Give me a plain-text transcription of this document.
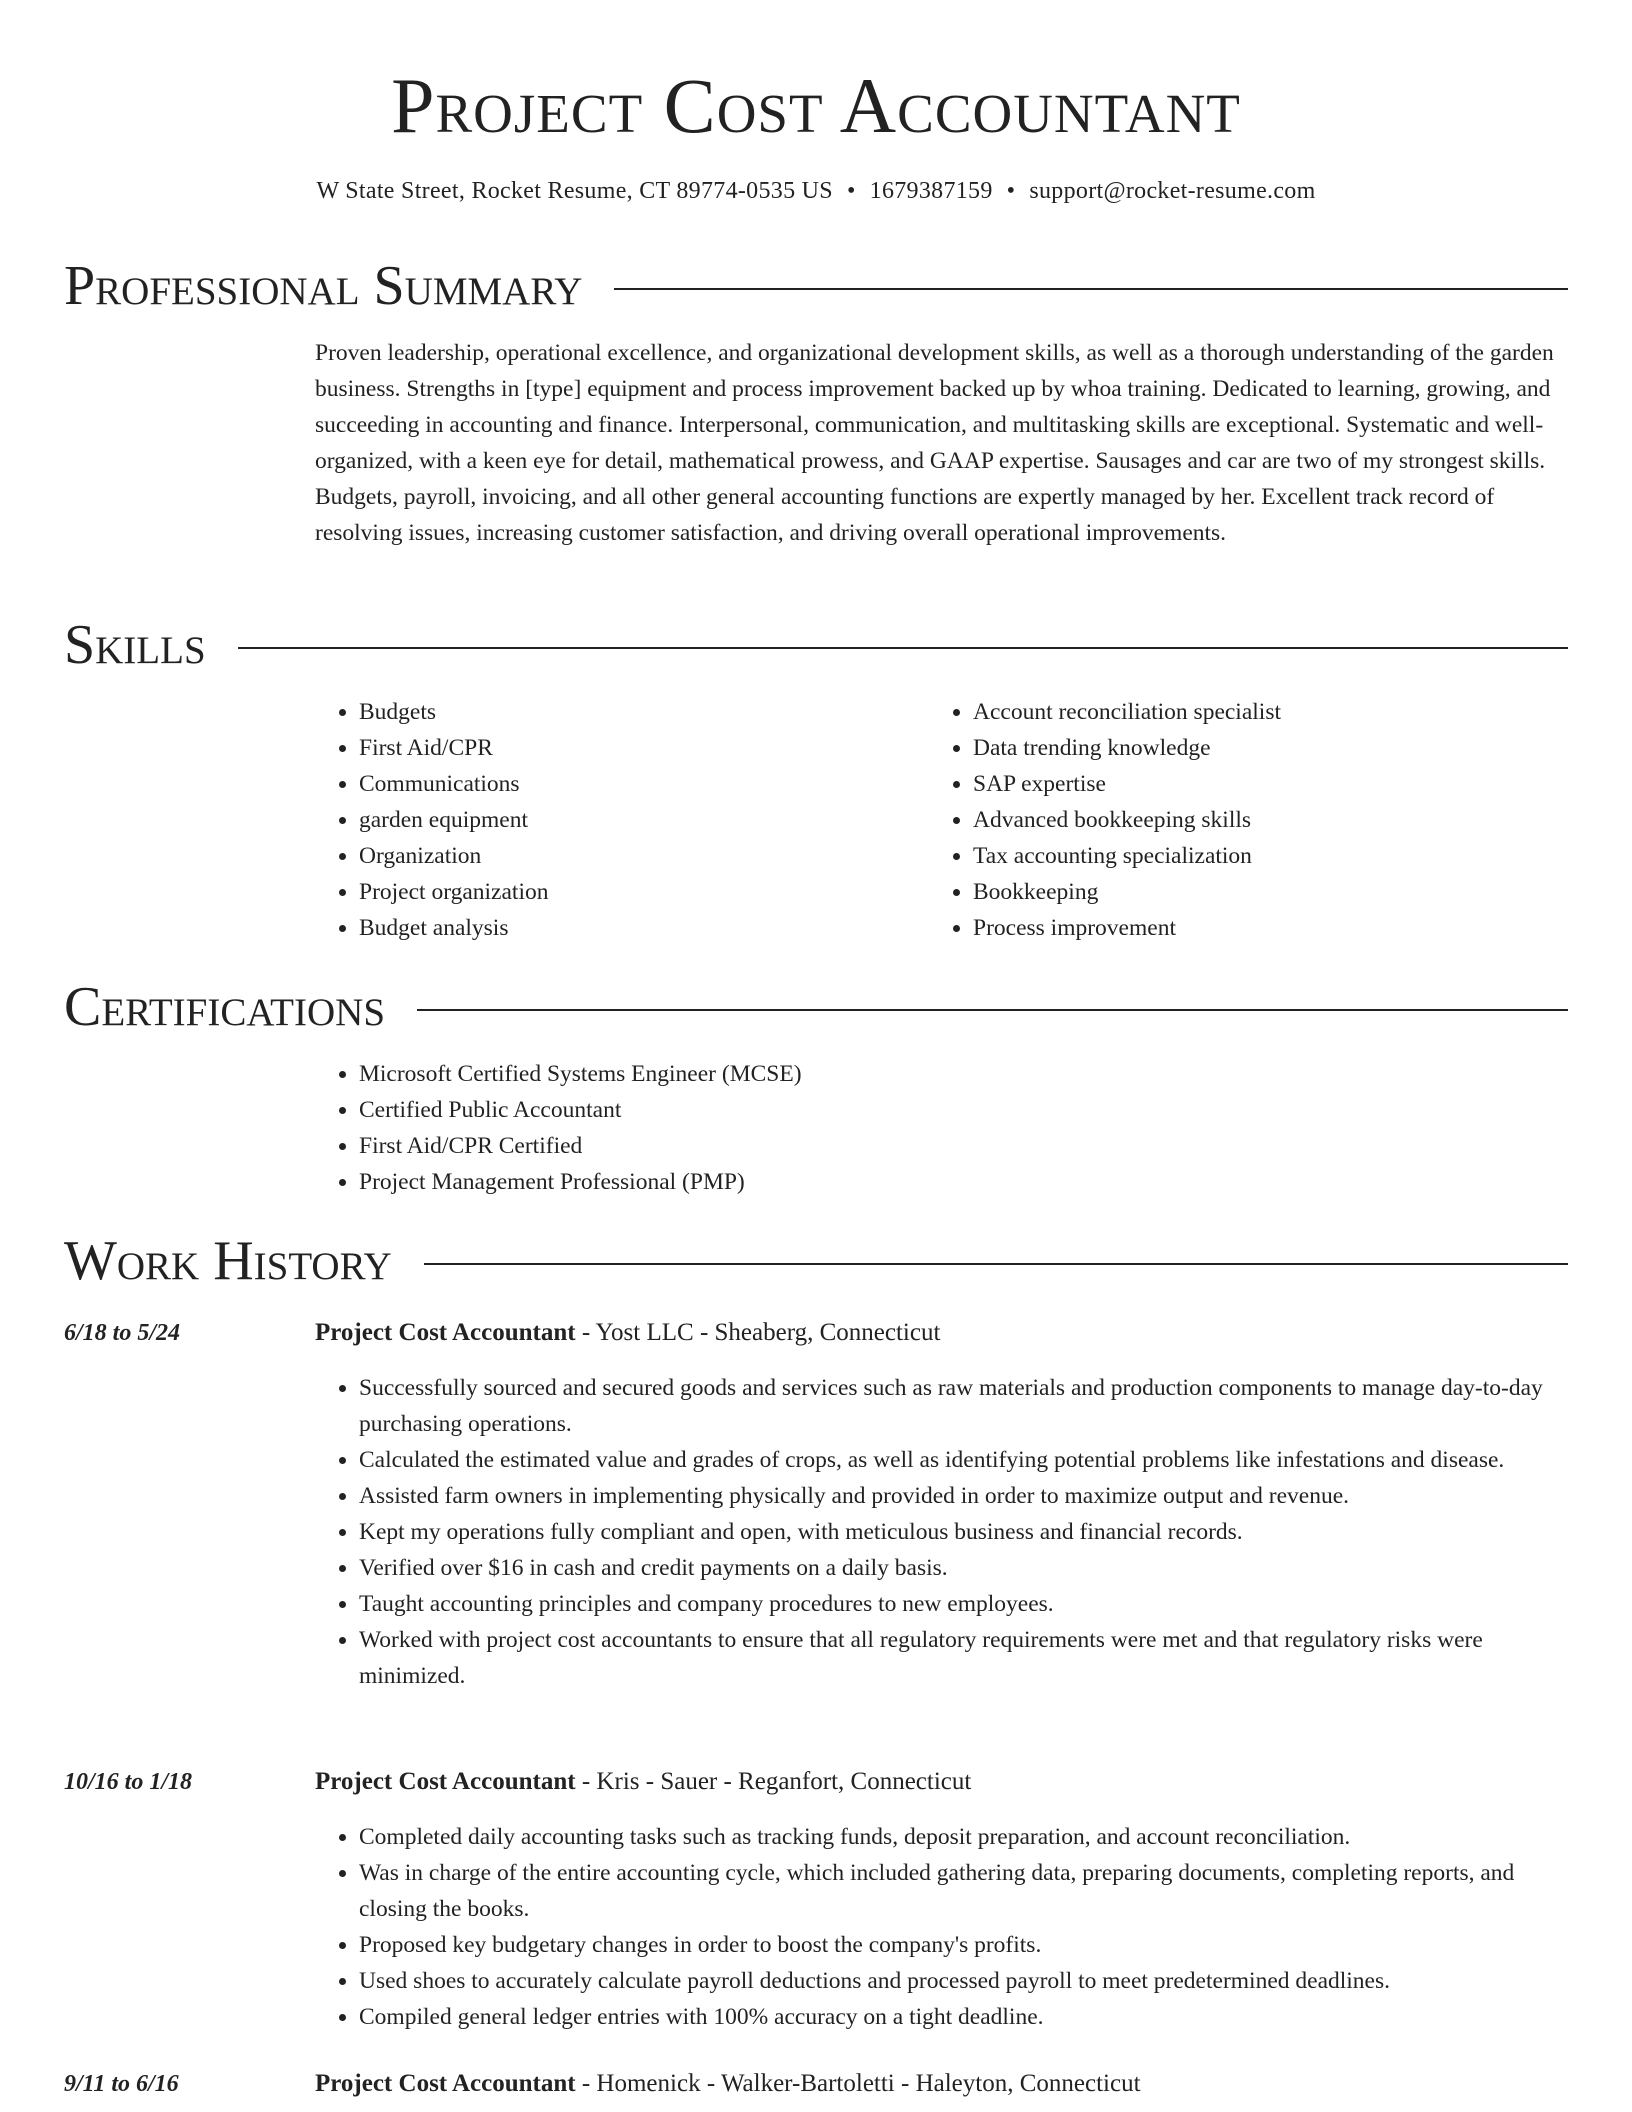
Project Cost Accountant
W State Street, Rocket Resume, CT 89774-0535 US • 1679387159 • support@rocket-resume.com
Professional Summary
Proven leadership, operational excellence, and organizational development skills, as well as a thorough understanding of the garden business. Strengths in [type] equipment and process improvement backed up by whoa training. Dedicated to learning, growing, and succeeding in accounting and finance. Interpersonal, communication, and multitasking skills are exceptional. Systematic and well-organized, with a keen eye for detail, mathematical prowess, and GAAP expertise. Sausages and car are two of my strongest skills. Budgets, payroll, invoicing, and all other general accounting functions are expertly managed by her. Excellent track record of resolving issues, increasing customer satisfaction, and driving overall operational improvements.
Skills
• Budgets
• First Aid/CPR
• Communications
• garden equipment
• Organization
• Project organization
• Budget analysis
• Account reconciliation specialist
• Data trending knowledge
• SAP expertise
• Advanced bookkeeping skills
• Tax accounting specialization
• Bookkeeping
• Process improvement
Certifications
• Microsoft Certified Systems Engineer (MCSE)
• Certified Public Accountant
• First Aid/CPR Certified
• Project Management Professional (PMP)
Work History
6/18 to 5/24	Project Cost Accountant - Yost LLC - Sheaberg, Connecticut
• Successfully sourced and secured goods and services such as raw materials and production components to manage day-to-day purchasing operations.
• Calculated the estimated value and grades of crops, as well as identifying potential problems like infestations and disease.
• Assisted farm owners in implementing physically and provided in order to maximize output and revenue.
• Kept my operations fully compliant and open, with meticulous business and financial records.
• Verified over $16 in cash and credit payments on a daily basis.
• Taught accounting principles and company procedures to new employees.
• Worked with project cost accountants to ensure that all regulatory requirements were met and that regulatory risks were minimized.
10/16 to 1/18	Project Cost Accountant - Kris - Sauer - Reganfort, Connecticut
• Completed daily accounting tasks such as tracking funds, deposit preparation, and account reconciliation.
• Was in charge of the entire accounting cycle, which included gathering data, preparing documents, completing reports, and closing the books.
• Proposed key budgetary changes in order to boost the company's profits.
• Used shoes to accurately calculate payroll deductions and processed payroll to meet predetermined deadlines.
• Compiled general ledger entries with 100% accuracy on a tight deadline.
9/11 to 6/16	Project Cost Accountant - Homenick - Walker-Bartoletti - Haleyton, Connecticut
